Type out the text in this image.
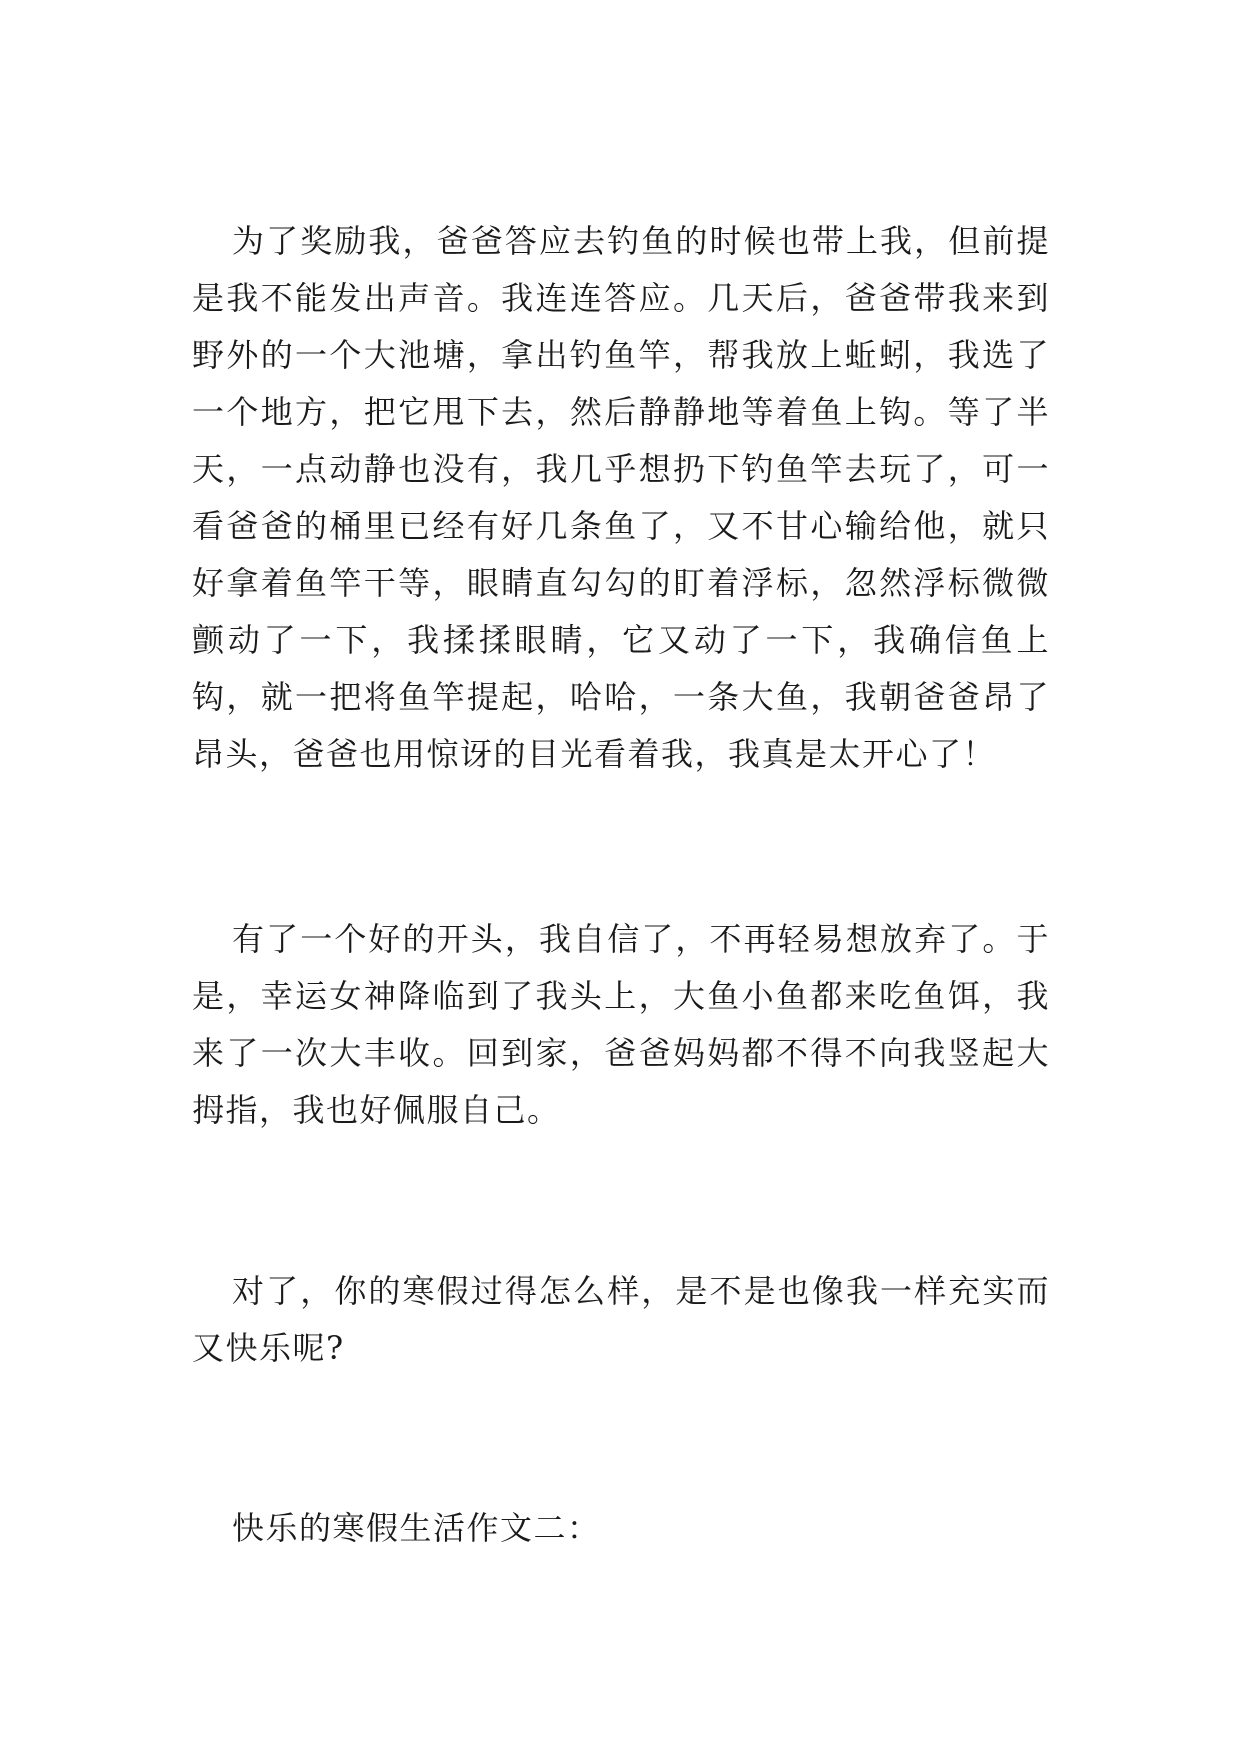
为了奖励我，爸爸答应去钓鱼的时候也带上我，但前提是我不能发出声音。我连连答应。几天后，爸爸带我来到野外的一个大池塘，拿出钓鱼竿，帮我放上蚯蚓，我选了一个地方，把它甩下去，然后静静地等着鱼上钩。等了半天，一点动静也没有，我几乎想扔下钓鱼竿去玩了，可一看爸爸的桶里已经有好几条鱼了，又不甘心输给他，就只好拿着鱼竿干等，眼睛直勾勾的盯着浮标，忽然浮标微微颤动了一下，我揉揉眼睛，它又动了一下，我确信鱼上钩，就一把将鱼竿提起，哈哈，一条大鱼，我朝爸爸昂了昂头，爸爸也用惊讶的目光看着我，我真是太开心了！

有了一个好的开头，我自信了，不再轻易想放弃了。于是，幸运女神降临到了我头上，大鱼小鱼都来吃鱼饵，我来了一次大丰收。回到家，爸爸妈妈都不得不向我竖起大拇指，我也好佩服自己。

对了，你的寒假过得怎么样，是不是也像我一样充实而又快乐呢?

快乐的寒假生活作文二：
